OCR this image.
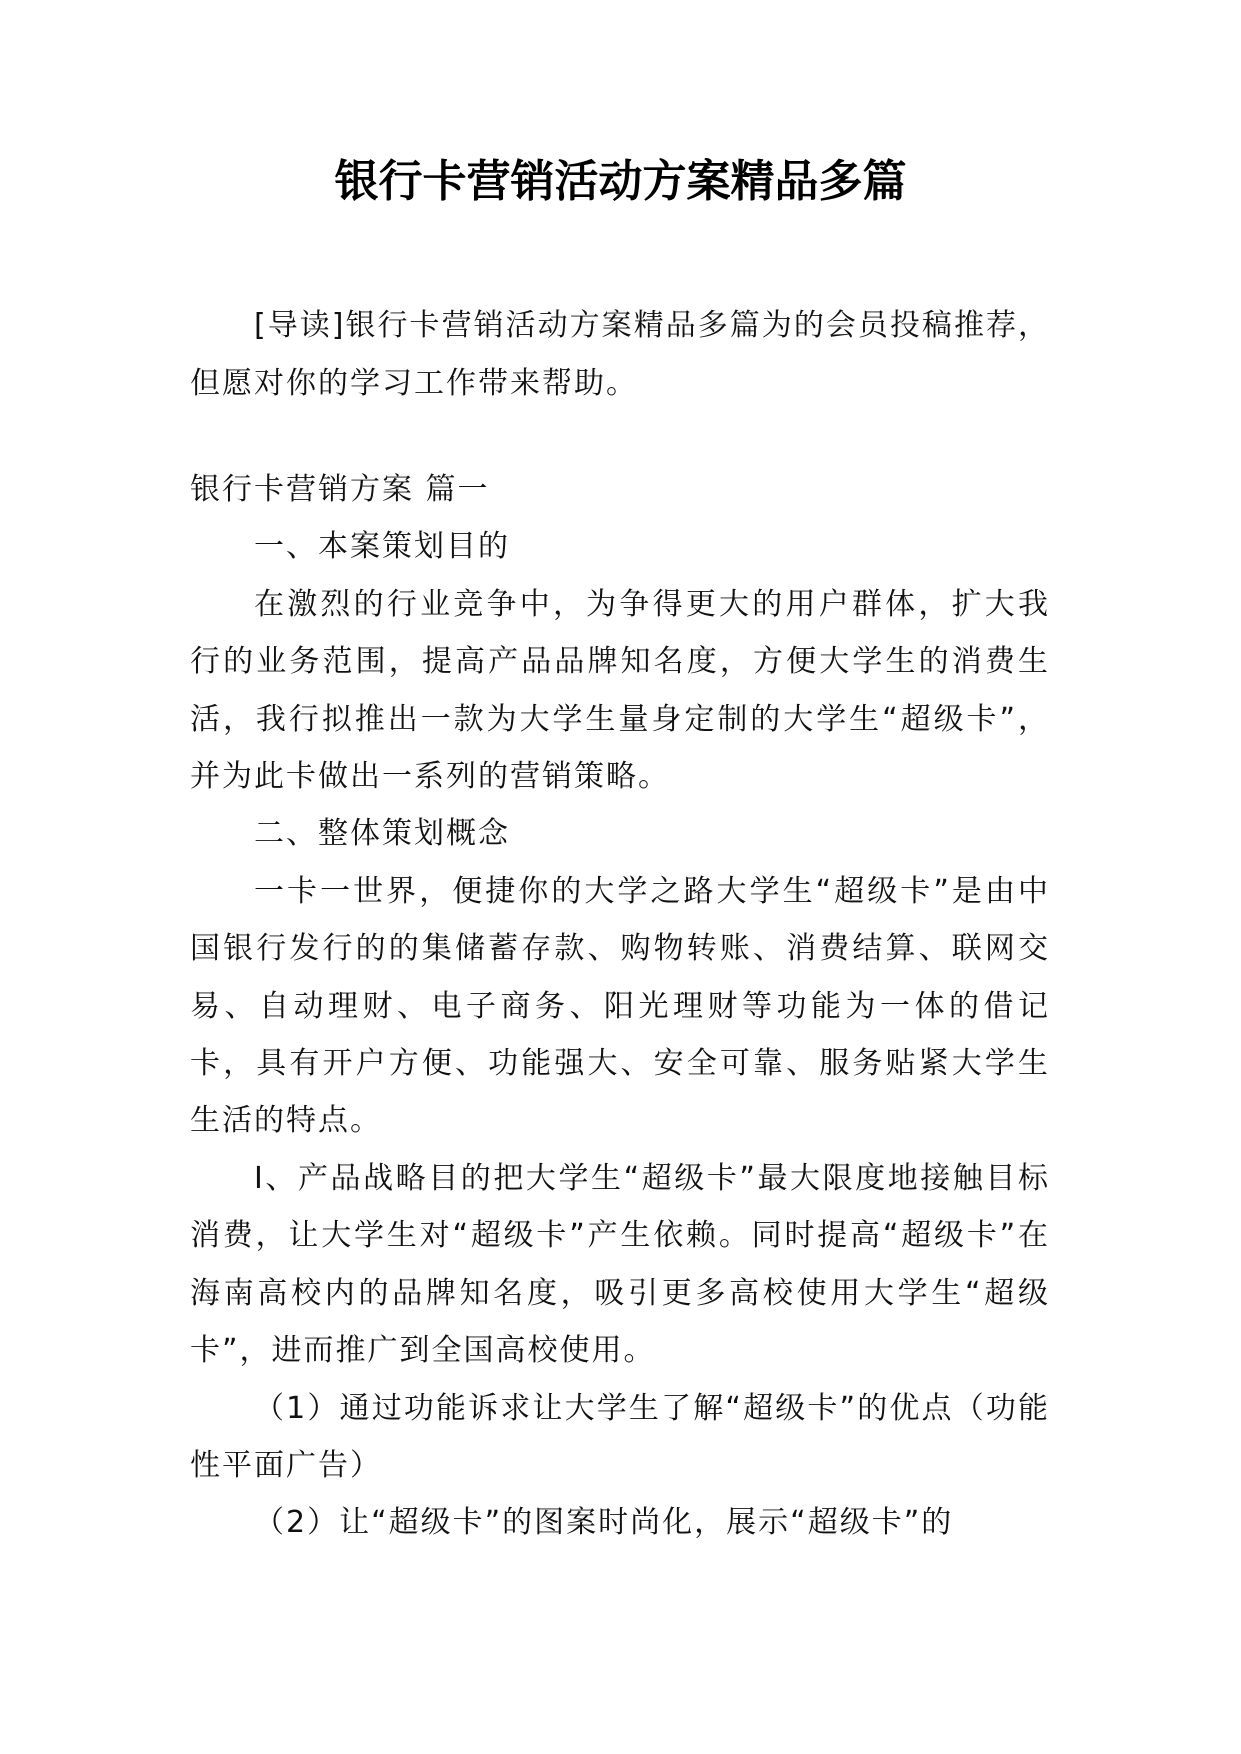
银行卡营销活动方案精品多篇

[导读]银行卡营销活动方案精品多篇为的会员投稿推荐，但愿对你的学习工作带来帮助。

银行卡营销方案 篇一

一、本案策划目的

在激烈的行业竞争中，为争得更大的用户群体，扩大我行的业务范围，提高产品品牌知名度，方便大学生的消费生活，我行拟推出一款为大学生量身定制的大学生“超级卡”，并为此卡做出一系列的营销策略。

二、整体策划概念

一卡一世界，便捷你的大学之路大学生“超级卡”是由中国银行发行的的集储蓄存款、购物转账、消费结算、联网交易、自动理财、电子商务、阳光理财等功能为一体的借记卡，具有开户方便、功能强大、安全可靠、服务贴紧大学生生活的特点。

Ⅰ、产品战略目的把大学生“超级卡”最大限度地接触目标消费，让大学生对“超级卡”产生依赖。同时提高“超级卡”在海南高校内的品牌知名度，吸引更多高校使用大学生“超级卡”，进而推广到全国高校使用。

（1）通过功能诉求让大学生了解“超级卡”的优点（功能性平面广告）

（2）让“超级卡”的图案时尚化，展示“超级卡”的
